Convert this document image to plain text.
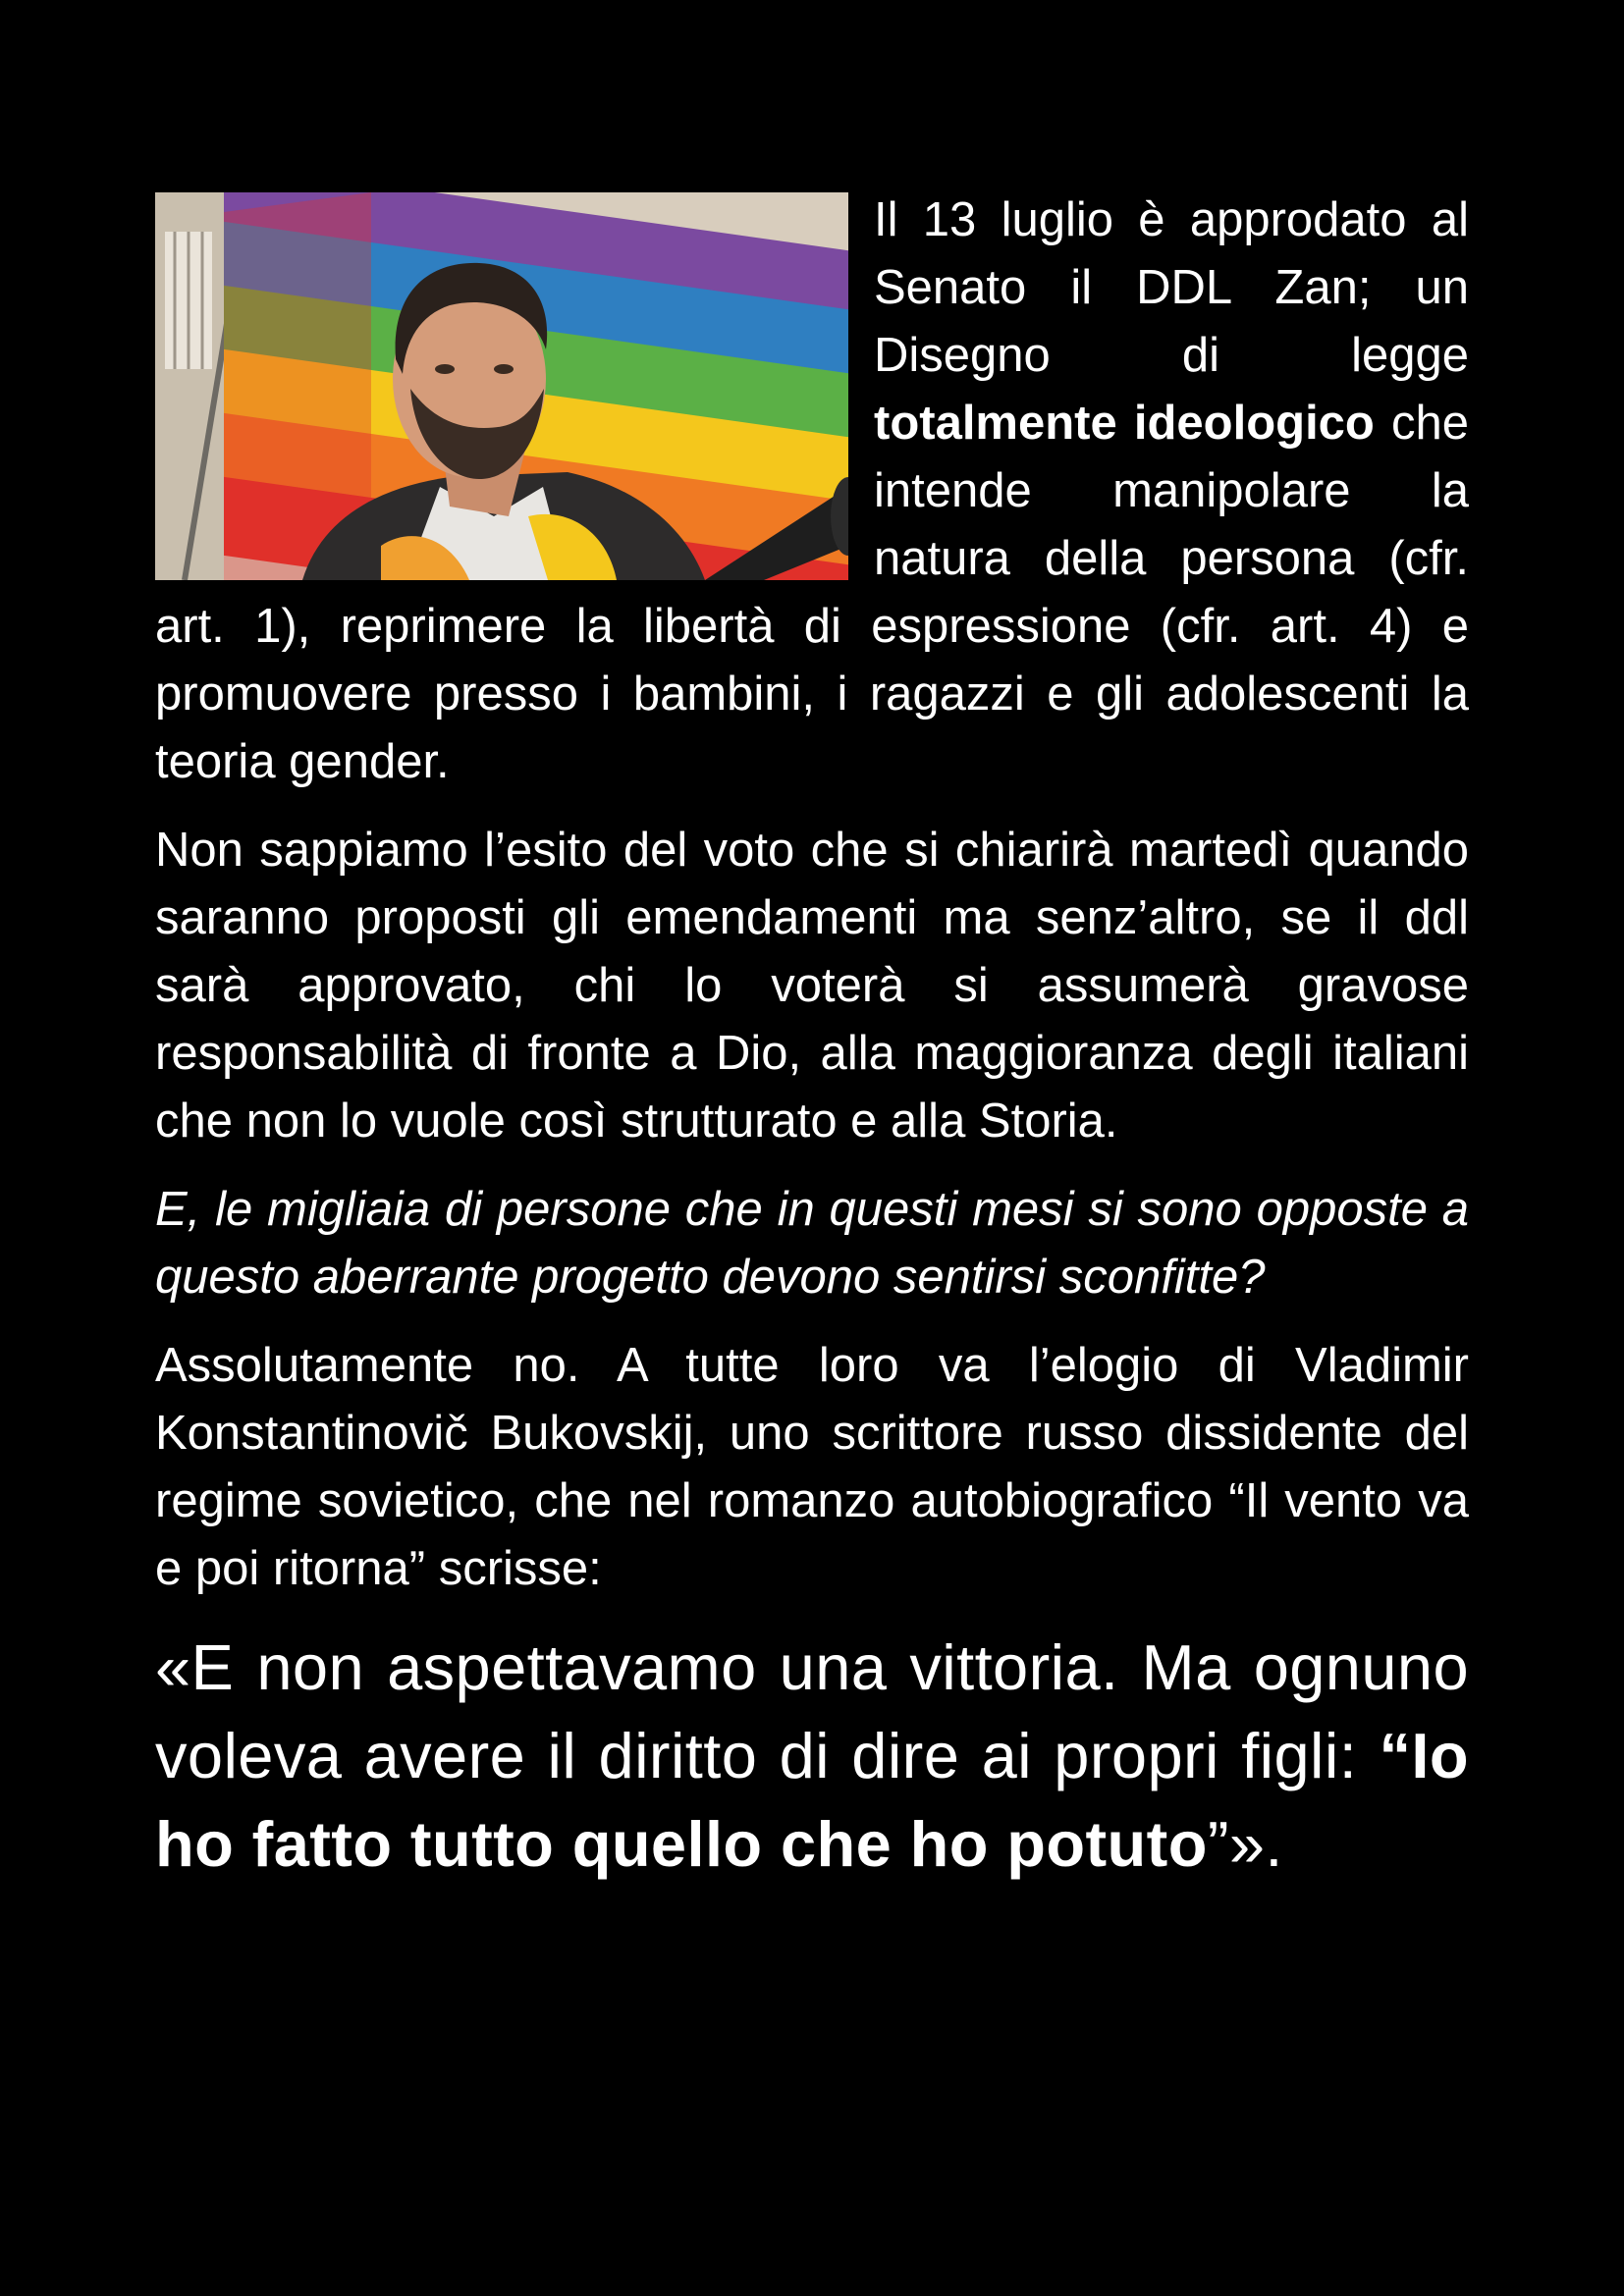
Il 13 luglio è approdato al Senato il DDL Zan; un Disegno di legge totalmente ideologico che intende manipolare la natura della persona (cfr. art. 1), reprimere la libertà di espressione (cfr. art. 4) e promuovere presso i bambini, i ragazzi e gli adolescenti la teoria gender.

Non sappiamo l’esito del voto che si chiarirà martedì quando saranno proposti gli emendamenti ma senz’altro, se il ddl sarà approvato, chi lo voterà si assumerà gravose responsabilità di fronte a Dio, alla maggioranza degli italiani che non lo vuole così strutturato e alla Storia.

E, le migliaia di persone che in questi mesi si sono opposte a questo aberrante progetto devono sentirsi sconfitte?

Assolutamente no. A tutte loro va l’elogio di Vladimir Konstantinovič Bukovskij, uno scrittore russo dissidente del regime sovietico, che nel romanzo autobiografico “Il vento va e poi ritorna” scrisse:

«E non aspettavamo una vittoria. Ma ognuno voleva avere il diritto di dire ai propri figli: “Io ho fatto tutto quello che ho potuto”».
